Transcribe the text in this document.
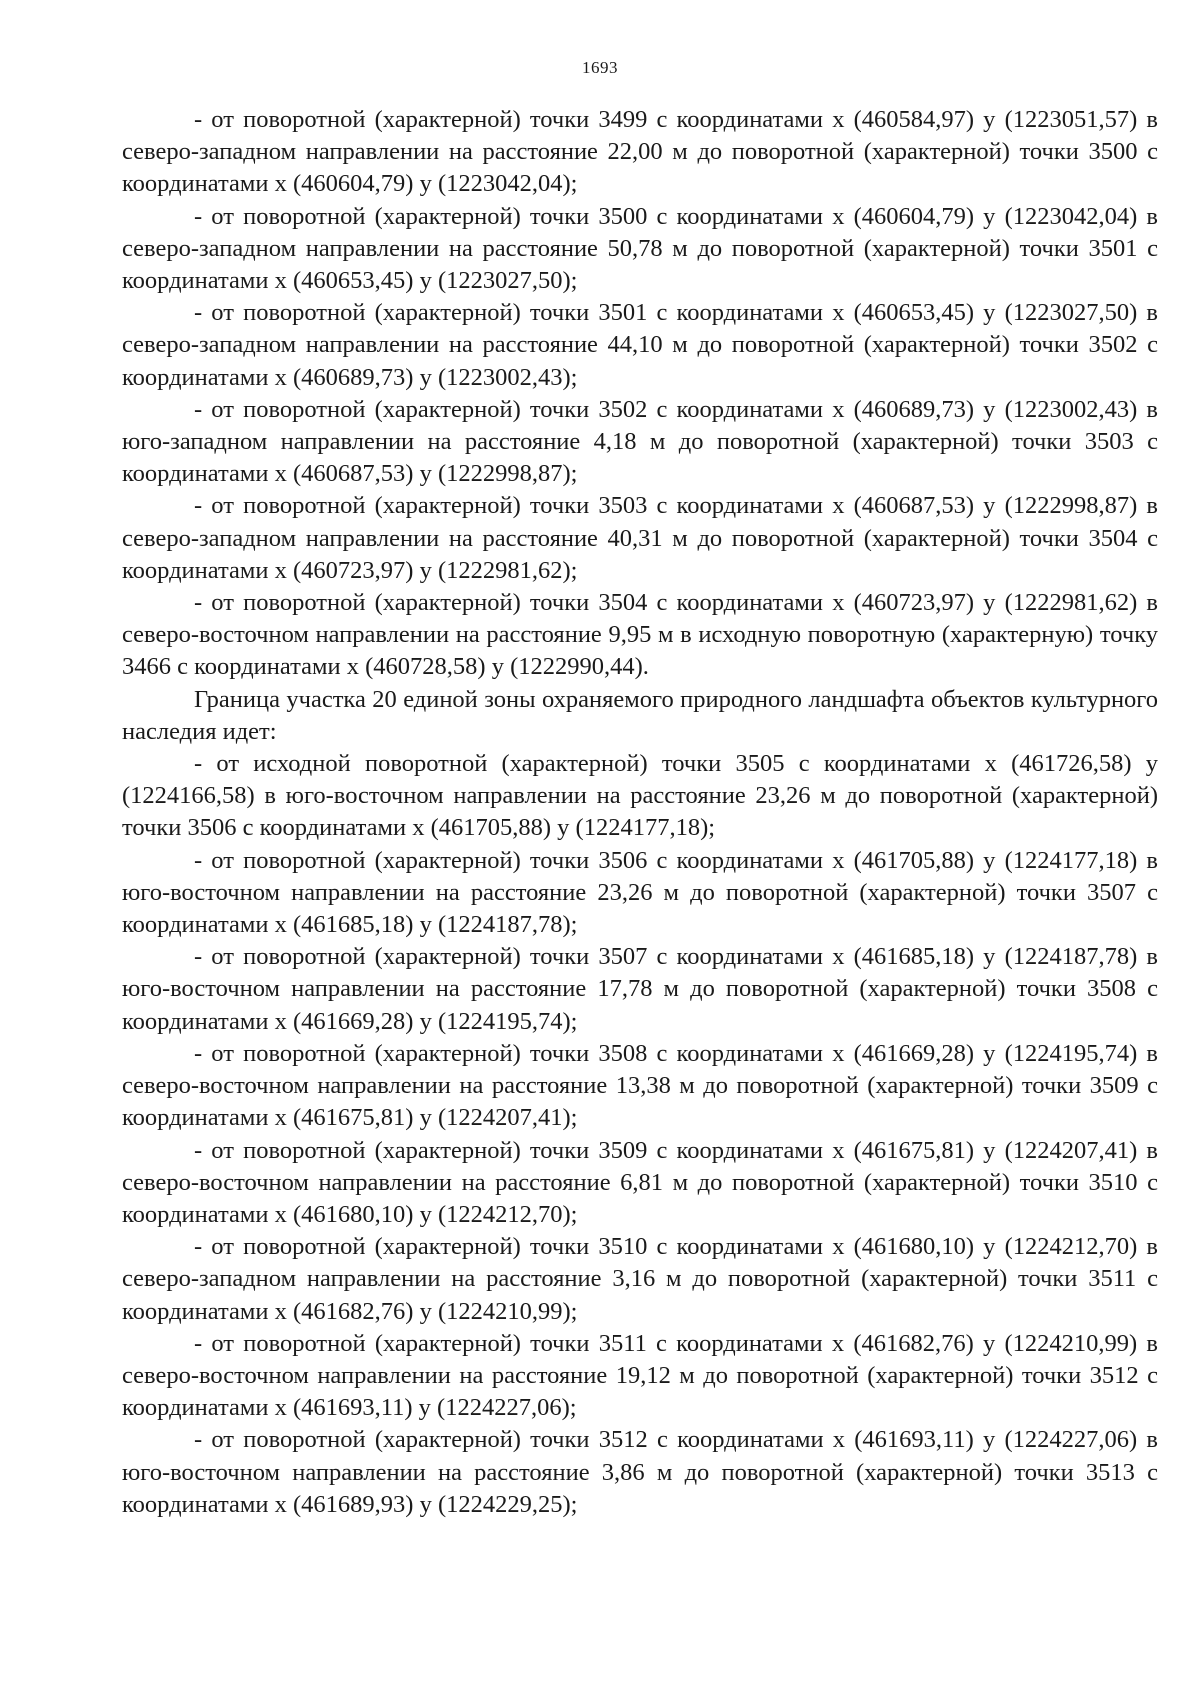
1693

- от поворотной (характерной) точки 3499 с координатами х (460584,97) у (1223051,57) в северо-западном направлении на расстояние 22,00 м до поворотной (характерной) точки 3500 с координатами х (460604,79) у (1223042,04);

- от поворотной (характерной) точки 3500 с координатами х (460604,79) у (1223042,04) в северо-западном направлении на расстояние 50,78 м до поворотной (характерной) точки 3501 с координатами х (460653,45) у (1223027,50);

- от поворотной (характерной) точки 3501 с координатами х (460653,45) у (1223027,50) в северо-западном направлении на расстояние 44,10 м до поворотной (характерной) точки 3502 с координатами х (460689,73) у (1223002,43);

- от поворотной (характерной) точки 3502 с координатами х (460689,73) у (1223002,43) в юго-западном направлении на расстояние 4,18 м до поворотной (характерной) точки 3503 с координатами х (460687,53) у (1222998,87);

- от поворотной (характерной) точки 3503 с координатами х (460687,53) у (1222998,87) в северо-западном направлении на расстояние 40,31 м до поворотной (характерной) точки 3504 с координатами х (460723,97) у (1222981,62);

- от поворотной (характерной) точки 3504 с координатами х (460723,97) у (1222981,62) в северо-восточном направлении на расстояние 9,95 м в исходную поворотную (характерную) точку 3466 с координатами х (460728,58) у (1222990,44).

Граница участка 20 единой зоны охраняемого природного ландшафта объектов культурного наследия идет:

- от исходной поворотной (характерной) точки 3505 с координатами х (461726,58) у (1224166,58) в юго-восточном направлении на расстояние 23,26 м до поворотной (характерной) точки 3506 с координатами х (461705,88) у (1224177,18);

- от поворотной (характерной) точки 3506 с координатами х (461705,88) у (1224177,18) в юго-восточном направлении на расстояние 23,26 м до поворотной (характерной) точки 3507 с координатами х (461685,18) у (1224187,78);

- от поворотной (характерной) точки 3507 с координатами х (461685,18) у (1224187,78) в юго-восточном направлении на расстояние 17,78 м до поворотной (характерной) точки 3508 с координатами х (461669,28) у (1224195,74);

- от поворотной (характерной) точки 3508 с координатами х (461669,28) у (1224195,74) в северо-восточном направлении на расстояние 13,38 м до поворотной (характерной) точки 3509 с координатами х (461675,81) у (1224207,41);

- от поворотной (характерной) точки 3509 с координатами х (461675,81) у (1224207,41) в северо-восточном направлении на расстояние 6,81 м до поворотной (характерной) точки 3510 с координатами х (461680,10) у (1224212,70);

- от поворотной (характерной) точки 3510 с координатами х (461680,10) у (1224212,70) в северо-западном направлении на расстояние 3,16 м до поворотной (характерной) точки 3511 с координатами х (461682,76) у (1224210,99);

- от поворотной (характерной) точки 3511 с координатами х (461682,76) у (1224210,99) в северо-восточном направлении на расстояние 19,12 м до поворотной (характерной) точки 3512 с координатами х (461693,11) у (1224227,06);

- от поворотной (характерной) точки 3512 с координатами х (461693,11) у (1224227,06) в юго-восточном направлении на расстояние 3,86 м до поворотной (характерной) точки 3513 с координатами х (461689,93) у (1224229,25);
